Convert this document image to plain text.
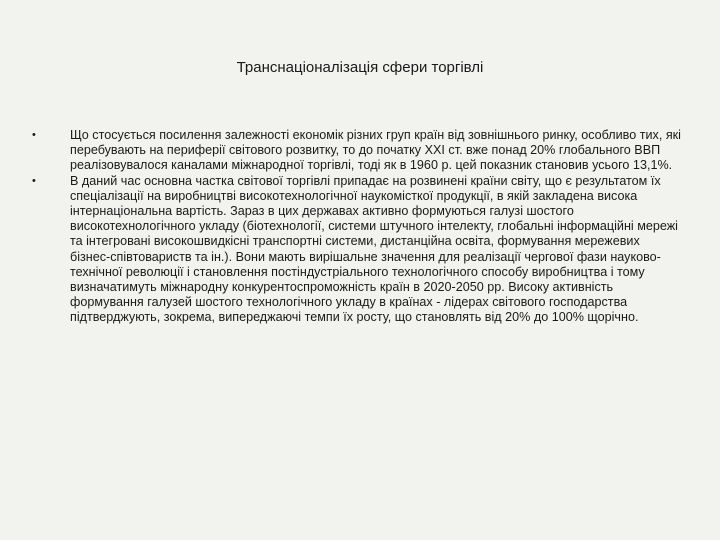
Транснаціоналізація сфери торгівлі
•	Що стосується посилення залежності економік різних груп країн від зовнішнього ринку, особливо тих, які перебувають на периферії світового розвитку, то до початку XXI ст. вже понад 20% глобального ВВП реалізовувалося каналами міжнародної торгівлі, тоді як в 1960 р. цей показник становив усього 13,1%.
•	В даний час основна частка світової торгівлі припадає на розвинені країни світу, що є результатом їх спеціалізації на виробництві високотехнологічної наукомісткої продукції, в якій закладена висока інтернаціональна вартість. Зараз в цих державах активно формуються галузі шостого високотехнологічного укладу (біотехнології, системи штучного інтелекту, глобальні інформаційні мережі та інтегровані високошвидкісні транспортні системи, дистанційна освіта, формування мережевих бізнес-співтовариств та ін.). Вони мають вирішальне значення для реалізації чергової фази науково-технічної революції і становлення постіндустріального технологічного способу виробництва і тому визначатимуть міжнародну конкурентоспроможність країн в 2020-2050 рр. Високу активність формування галузей шостого технологічного укладу в країнах - лідерах світового господарства підтверджують, зокрема, випереджаючі темпи їх росту, що становлять від 20% до 100% щорічно.
